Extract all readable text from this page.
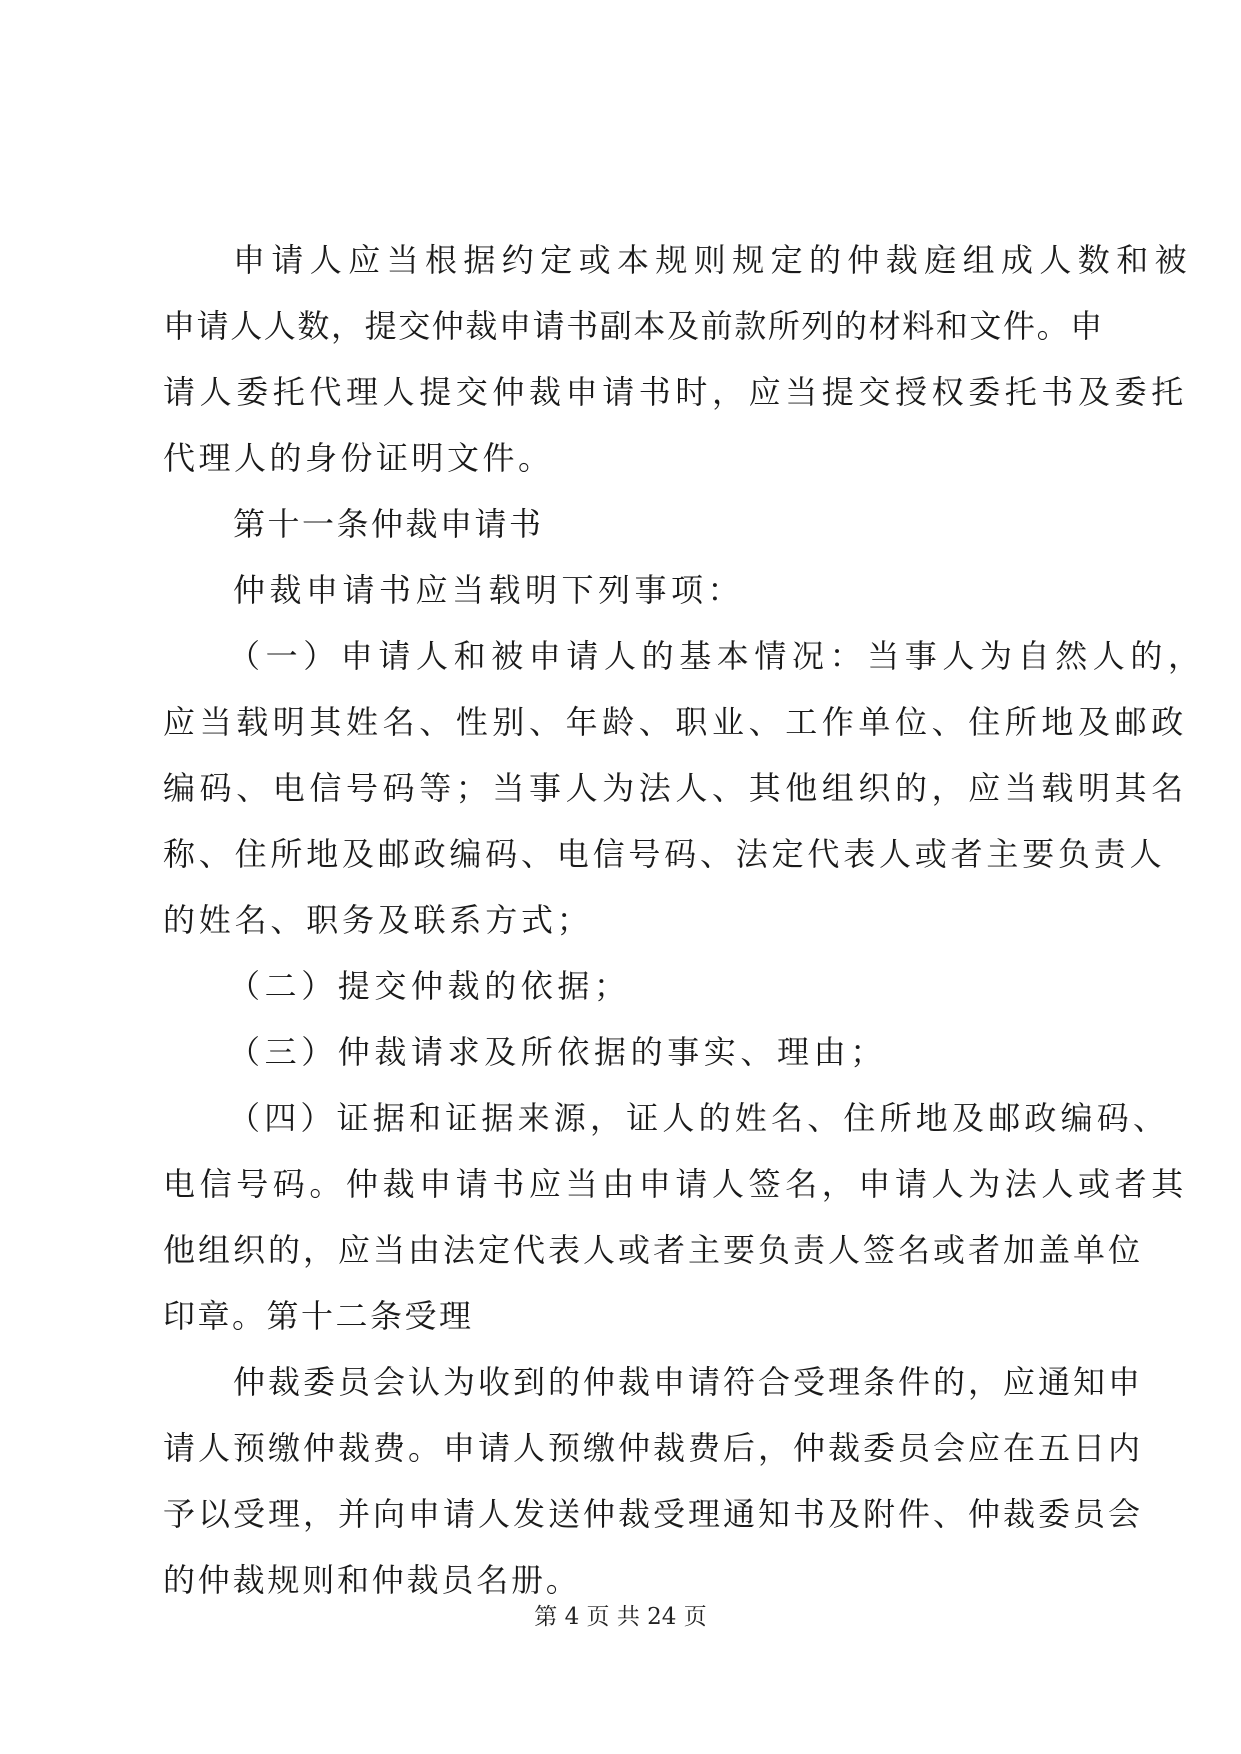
申请人应当根据约定或本规则规定的仲裁庭组成人数和被
申请人人数，提交仲裁申请书副本及前款所列的材料和文件。申
请人委托代理人提交仲裁申请书时，应当提交授权委托书及委托
代理人的身份证明文件。
第十一条仲裁申请书
仲裁申请书应当载明下列事项：
（一）申请人和被申请人的基本情况：当事人为自然人的，
应当载明其姓名、性别、年龄、职业、工作单位、住所地及邮政
编码、电信号码等；当事人为法人、其他组织的，应当载明其名
称、住所地及邮政编码、电信号码、法定代表人或者主要负责人
的姓名、职务及联系方式；
（二）提交仲裁的依据；
（三）仲裁请求及所依据的事实、理由；
（四）证据和证据来源，证人的姓名、住所地及邮政编码、
电信号码。仲裁申请书应当由申请人签名，申请人为法人或者其
他组织的，应当由法定代表人或者主要负责人签名或者加盖单位
印章。第十二条受理
仲裁委员会认为收到的仲裁申请符合受理条件的，应通知申
请人预缴仲裁费。申请人预缴仲裁费后，仲裁委员会应在五日内
予以受理，并向申请人发送仲裁受理通知书及附件、仲裁委员会
的仲裁规则和仲裁员名册。
第 4 页 共 24 页
